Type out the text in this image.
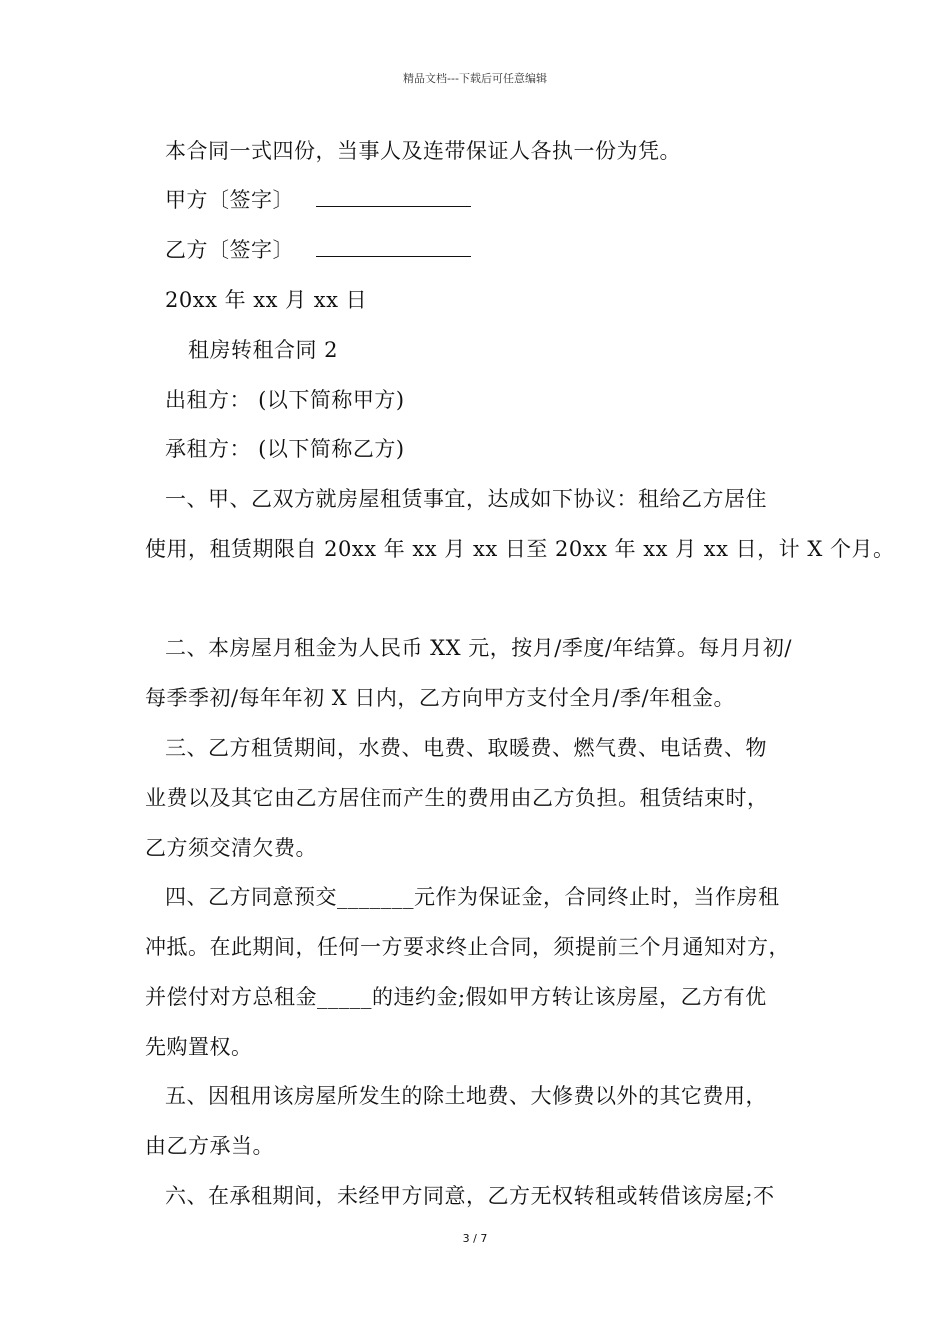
精品文档---下载后可任意编辑
本合同一式四份，当事人及连带保证人各执一份为凭。
甲方〔签字〕
乙方〔签字〕
20xx 年 xx 月 xx 日
租房转租合同 2
出租方： (以下简称甲方)
承租方： (以下简称乙方)
一、甲、乙双方就房屋租赁事宜，达成如下协议：租给乙方居住
使用，租赁期限自 20xx 年 xx 月 xx 日至 20xx 年 xx 月 xx 日，计 X 个月。
二、本房屋月租金为人民币 XX 元，按月/季度/年结算。每月月初/
每季季初/每年年初 X 日内，乙方向甲方支付全月/季/年租金。
三、乙方租赁期间，水费、电费、取暖费、燃气费、电话费、物
业费以及其它由乙方居住而产生的费用由乙方负担。租赁结束时，
乙方须交清欠费。
四、乙方同意预交_______元作为保证金，合同终止时，当作房租
冲抵。在此期间，任何一方要求终止合同，须提前三个月通知对方，
并偿付对方总租金_____的违约金;假如甲方转让该房屋，乙方有优
先购置权。
五、因租用该房屋所发生的除土地费、大修费以外的其它费用，
由乙方承当。
六、在承租期间，未经甲方同意，乙方无权转租或转借该房屋;不
3 / 7
